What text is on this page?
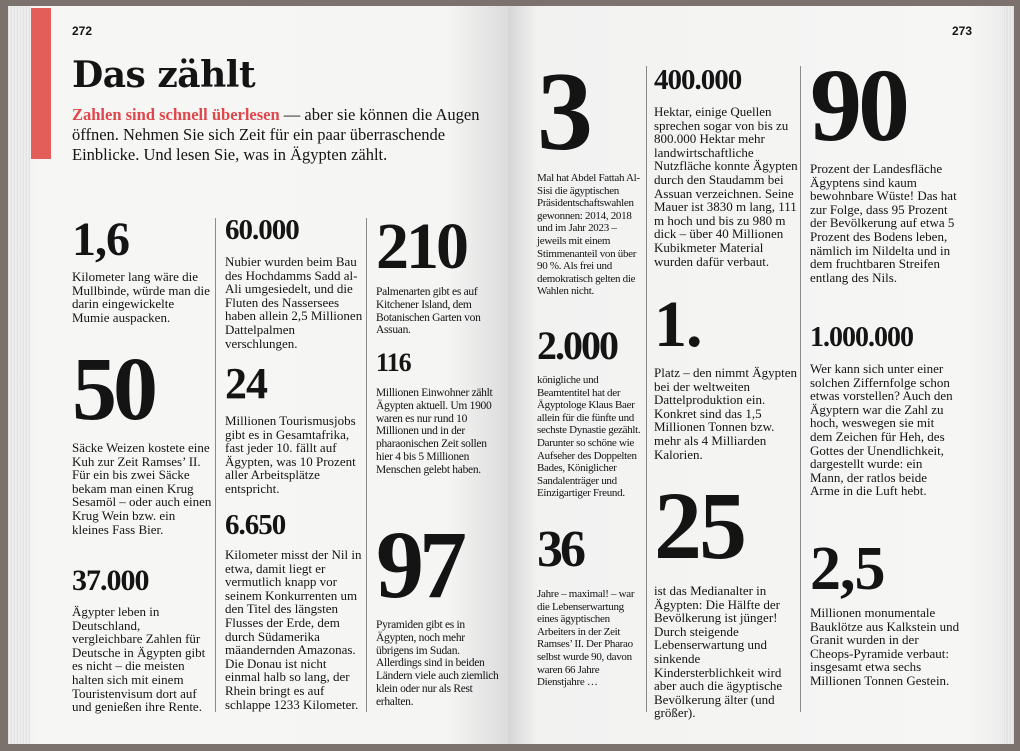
272	273
Das zählt
Zahlen sind schnell überlesen — aber sie können die Augen öffnen. Nehmen Sie sich Zeit für ein paar überraschende Einblicke. Und lesen Sie, was in Ägypten zählt.
1,6
Kilometer lang wäre die Mullbinde, würde man die darin eingewickelte Mumie auspacken.
50
Säcke Weizen kostete eine Kuh zur Zeit Ramses’ II. Für ein bis zwei Säcke bekam man einen Krug Sesamöl – oder auch einen Krug Wein bzw. ein kleines Fass Bier.
37.000
Ägypter leben in Deutschland, vergleichbare Zahlen für Deutsche in Ägypten gibt es nicht – die meisten halten sich mit einem Touristenvisum dort auf und genießen ihre Rente.
60.000
Nubier wurden beim Bau des Hochdamms Sadd al-Ali umgesiedelt, und die Fluten des Nassersees haben allein 2,5 Millionen Dattelpalmen verschlungen.
24
Millionen Tourismusjobs gibt es in Gesamtafrika, fast jeder 10. fällt auf Ägypten, was 10 Prozent aller Arbeitsplätze entspricht.
6.650
Kilometer misst der Nil in etwa, damit liegt er vermutlich knapp vor seinem Konkurrenten um den Titel des längsten Flusses der Erde, dem durch Südamerika mäandernden Amazonas. Die Donau ist nicht einmal halb so lang, der Rhein bringt es auf schlappe 1233 Kilometer.
210
Palmenarten gibt es auf Kitchener Island, dem Botanischen Garten von Assuan.
116
Millionen Einwohner zählt Ägypten aktuell. Um 1900 waren es nur rund 10 Millionen und in der pharaonischen Zeit sollen hier 4 bis 5 Millionen Menschen gelebt haben.
97
Pyramiden gibt es in Ägypten, noch mehr übrigens im Sudan. Allerdings sind in beiden Ländern viele auch ziemlich klein oder nur als Rest erhalten.
3
Mal hat Abdel Fattah Al-Sisi die ägyptischen Präsidentschaftswahlen gewonnen: 2014, 2018 und im Jahr 2023 – jeweils mit einem Stimmenanteil von über 90 %. Als frei und demokratisch gelten die Wahlen nicht.
2.000
königliche und Beamtentitel hat der Ägyptologe Klaus Baer allein für die fünfte und sechste Dynastie gezählt. Darunter so schöne wie Aufseher des Doppelten Bades, Königlicher Sandalenträger und Einzigartiger Freund.
36
Jahre – maximal! – war die Lebenserwartung eines ägyptischen Arbeiters in der Zeit Ramses’ II. Der Pharao selbst wurde 90, davon waren 66 Jahre Dienstjahre …
400.000
Hektar, einige Quellen sprechen sogar von bis zu 800.000 Hektar mehr landwirtschaftliche Nutzfläche konnte Ägypten durch den Staudamm bei Assuan verzeichnen. Seine Mauer ist 3830 m lang, 111 m hoch und bis zu 980 m dick – über 40 Millionen Kubikmeter Material wurden dafür verbaut.
1.
Platz – den nimmt Ägypten bei der weltweiten Dattelproduktion ein. Konkret sind das 1,5 Millionen Tonnen bzw. mehr als 4 Milliarden Kalorien.
25
ist das Medianalter in Ägypten: Die Hälfte der Bevölkerung ist jünger! Durch steigende Lebenserwartung und sinkende Kindersterblichkeit wird aber auch die ägyptische Bevölkerung älter (und größer).
90
Prozent der Landesfläche Ägyptens sind kaum bewohnbare Wüste! Das hat zur Folge, dass 95 Prozent der Bevölkerung auf etwa 5 Prozent des Bodens leben, nämlich im Nildelta und in dem fruchtbaren Streifen entlang des Nils.
1.000.000
Wer kann sich unter einer solchen Ziffernfolge schon etwas vorstellen? Auch den Ägyptern war die Zahl zu hoch, weswegen sie mit dem Zeichen für Heh, des Gottes der Unendlichkeit, dargestellt wurde: ein Mann, der ratlos beide Arme in die Luft hebt.
2,5
Millionen monumentale Bauklötze aus Kalkstein und Granit wurden in der Cheops-Pyramide verbaut: insgesamt etwa sechs Millionen Tonnen Gestein.
